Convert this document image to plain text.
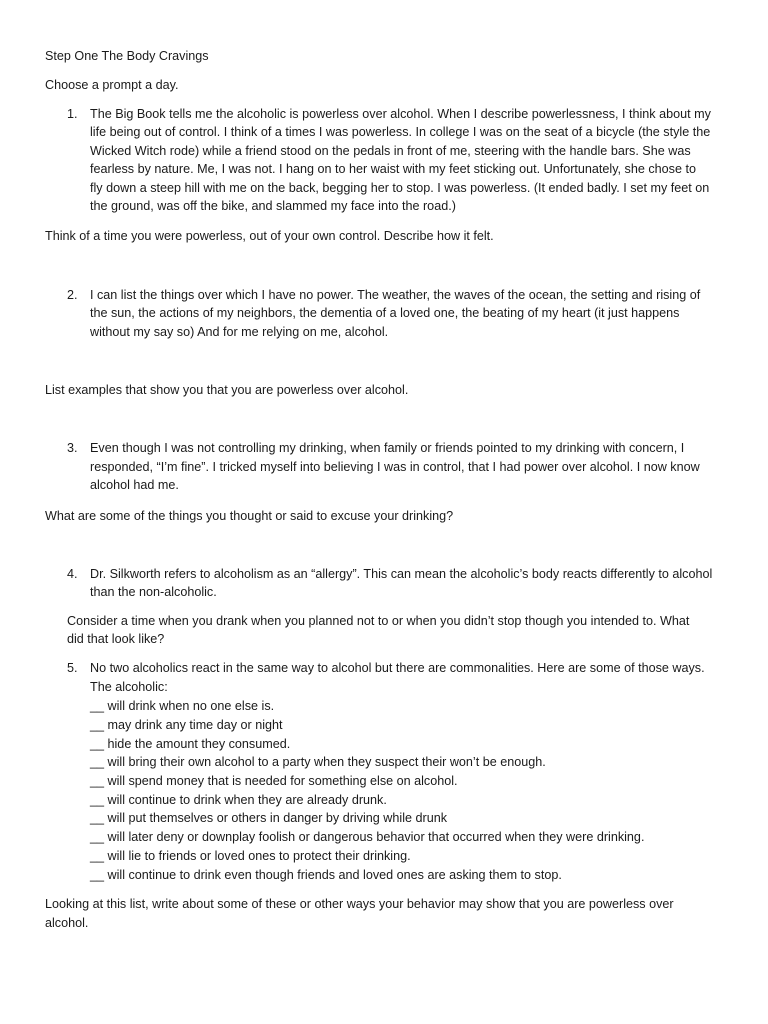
Step One The Body Cravings
Choose a prompt a day.
1. The Big Book tells me the alcoholic is powerless over alcohol. When I describe powerlessness, I think about my
life being out of control. I think of a times I was powerless. In college I was on the seat of a bicycle (the style the
Wicked Witch rode) while a friend stood on the pedals in front of me, steering with the handle bars. She was
fearless by nature. Me, I was not. I hang on to her waist with my feet sticking out. Unfortunately, she chose to
fly down a steep hill with me on the back, begging her to stop. I was powerless. (It ended badly. I set my feet on
the ground, was off the bike, and slammed my face into the road.)
Think of a time you were powerless, out of your own control. Describe how it felt.
2. I can list the things over which I have no power. The weather, the waves of the ocean, the setting and rising of
the sun, the actions of my neighbors, the dementia of a loved one, the beating of my heart (it just happens
without my say so) And for me relying on me, alcohol.
List examples that show you that you are powerless over alcohol.
3. Even though I was not controlling my drinking, when family or friends pointed to my drinking with concern, I
responded, “I’m fine”. I tricked myself into believing I was in control, that I had power over alcohol. I now know
alcohol had me.
What are some of the things you thought or said to excuse your drinking?
4. Dr. Silkworth refers to alcoholism as an “allergy”. This can mean the alcoholic’s body reacts differently to alcohol
than the non-alcoholic.
Consider a time when you drank when you planned not to or when you didn’t stop though you intended to. What
did that look like?
5. No two alcoholics react in the same way to alcohol but there are commonalities. Here are some of those ways.
The alcoholic:
__ will drink when no one else is.
__ may drink any time day or night
__ hide the amount they consumed.
__ will bring their own alcohol to a party when they suspect their won’t be enough.
__ will spend money that is needed for something else on alcohol.
__ will continue to drink when they are already drunk.
__ will put themselves or others in danger by driving while drunk
__ will later deny or downplay foolish or dangerous behavior that occurred when they were drinking.
__ will lie to friends or loved ones to protect their drinking.
__ will continue to drink even though friends and loved ones are asking them to stop.
Looking at this list, write about some of these or other ways your behavior may show that you are powerless over
alcohol.
